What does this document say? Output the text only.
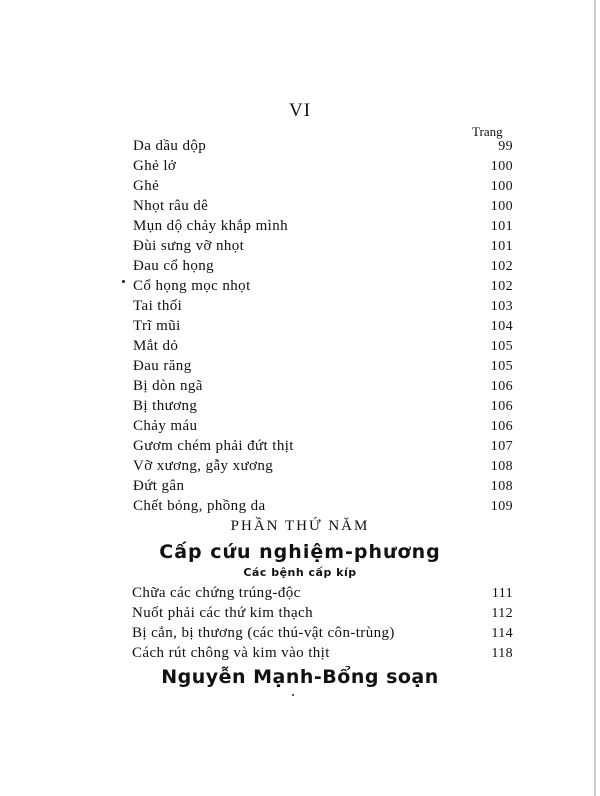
VI
Trang
Da dầu dộp	99
Ghẻ lở	100
Ghẻ	100
Nhọt râu dê	100
Mụn dộ chảy khắp mình	101
Đùi sưng vỡ nhọt	101
Đau cổ họng	102
Cổ họng mọc nhọt	102
Tai thối	103
Trĩ mũi	104
Mắt dỏ	105
Đau răng	105
Bị dòn ngã	106
Bị thương	106
Chảy máu	106
Gươm chém phải đứt thịt	107
Vỡ xương, gẫy xương	108
Đứt gân	108
Chết bỏng, phồng da	109
PHẦN THỨ NĂM
Cấp cứu nghiệm-phương
Các bệnh cấp kíp
Chữa các chứng trúng-độc	111
Nuốt phải các thứ kim thạch	112
Bị cắn, bị thương (các thú-vật côn-trùng)	114
Cách rút chông và kim vào thịt	118
Nguyễn Mạnh-Bổng soạn
